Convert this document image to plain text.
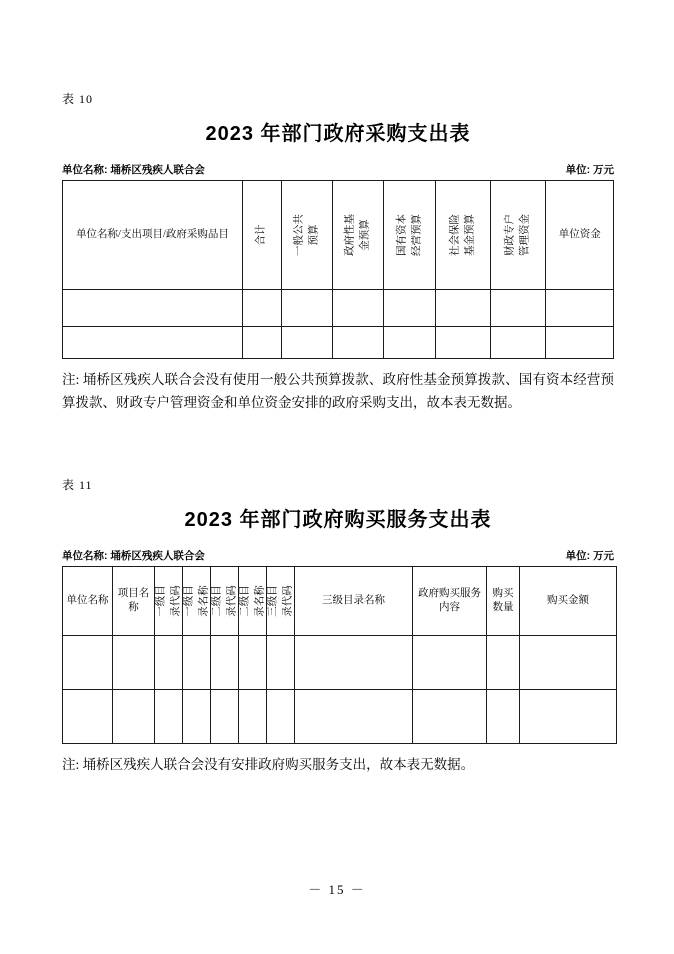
表 10
2023 年部门政府采购支出表
单位名称: 埇桥区残疾人联合会	单位: 万元
单位名称/支出项目/政府采购品目	合计	一般公共预算	政府性基金预算	国有资本经营预算	社会保险基金预算	财政专户管理资金	单位资金

注: 埇桥区残疾人联合会没有使用一般公共预算拨款、政府性基金预算拨款、国有资本经营预算拨款、财政专户管理资金和单位资金安排的政府采购支出，故本表无数据。

表 11
2023 年部门政府购买服务支出表
单位名称: 埇桥区残疾人联合会	单位: 万元
单位名称	项目名称	一级目录代码	一级目录名称	二级目录代码	二级目录名称	三级目录代码	三级目录名称	政府购买服务内容	购买数量	购买金额

注: 埇桥区残疾人联合会没有安排政府购买服务支出，故本表无数据。

－ 15 －
